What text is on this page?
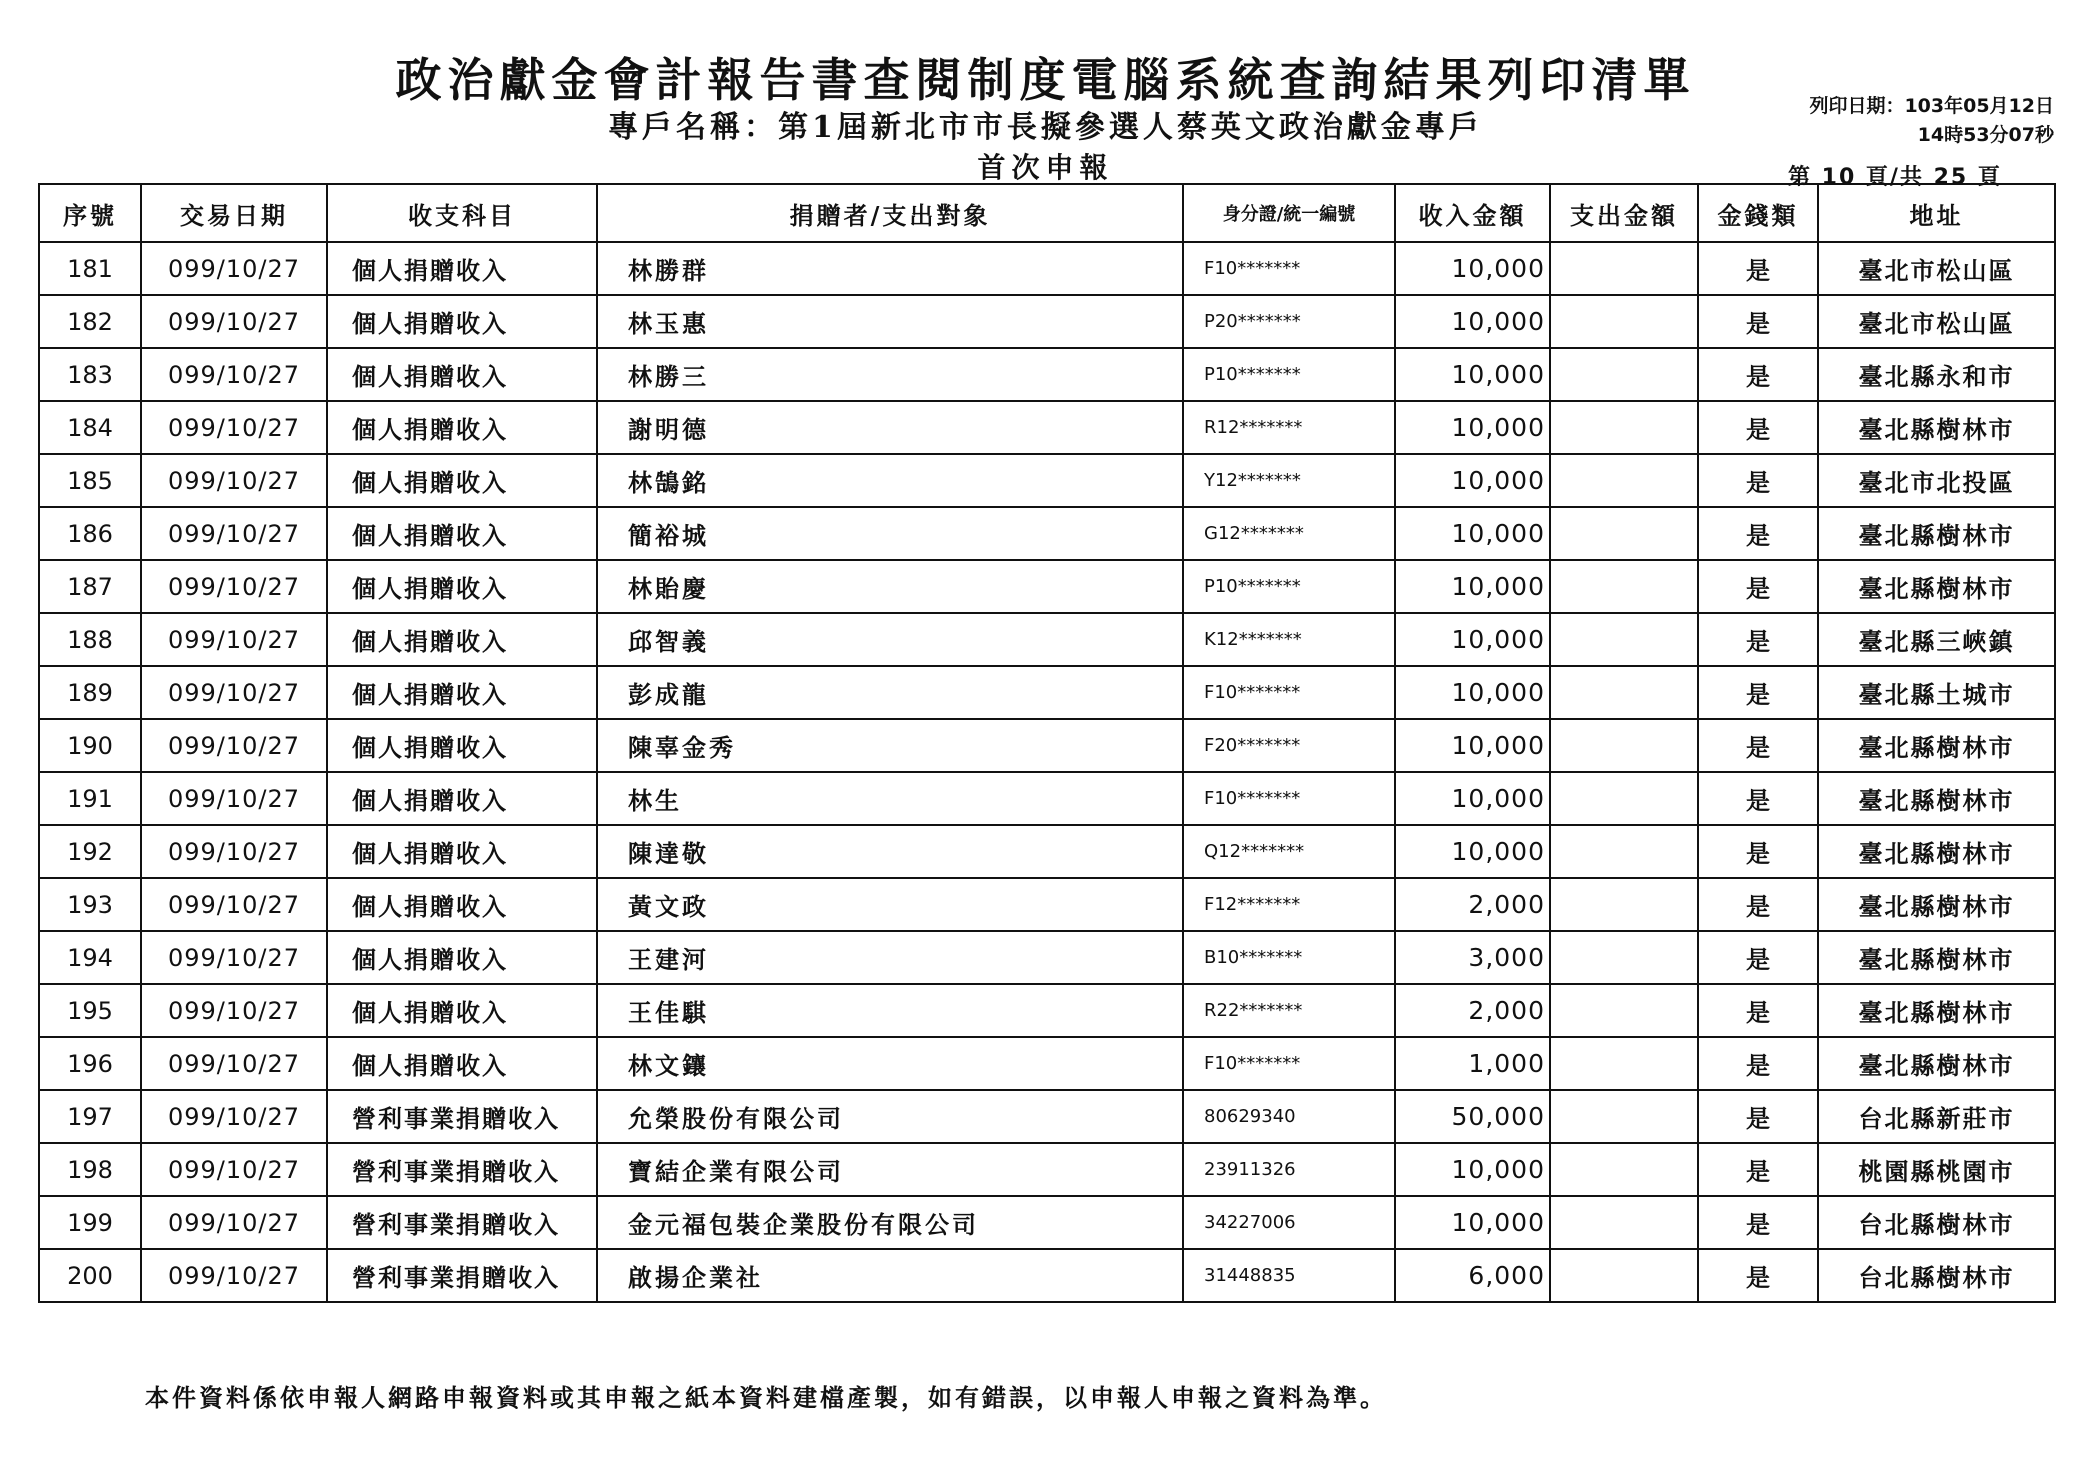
政治獻金會計報告書查閱制度電腦系統查詢結果列印清單
專戶名稱：第1屆新北市市長擬參選人蔡英文政治獻金專戶
首次申報
列印日期：103年05月12日
14時53分07秒
第 10 頁/共 25 頁
序號	交易日期	收支科目	捐贈者/支出對象	身分證/統一編號	收入金額	支出金額	金錢類	地址
181	099/10/27	個人捐贈收入	林勝群	F10*******	10,000		是	臺北市松山區
182	099/10/27	個人捐贈收入	林玉惠	P20*******	10,000		是	臺北市松山區
183	099/10/27	個人捐贈收入	林勝三	P10*******	10,000		是	臺北縣永和市
184	099/10/27	個人捐贈收入	謝明德	R12*******	10,000		是	臺北縣樹林市
185	099/10/27	個人捐贈收入	林鵠銘	Y12*******	10,000		是	臺北市北投區
186	099/10/27	個人捐贈收入	簡裕城	G12*******	10,000		是	臺北縣樹林市
187	099/10/27	個人捐贈收入	林貽慶	P10*******	10,000		是	臺北縣樹林市
188	099/10/27	個人捐贈收入	邱智義	K12*******	10,000		是	臺北縣三峽鎮
189	099/10/27	個人捐贈收入	彭成龍	F10*******	10,000		是	臺北縣土城市
190	099/10/27	個人捐贈收入	陳辜金秀	F20*******	10,000		是	臺北縣樹林市
191	099/10/27	個人捐贈收入	林生	F10*******	10,000		是	臺北縣樹林市
192	099/10/27	個人捐贈收入	陳達敬	Q12*******	10,000		是	臺北縣樹林市
193	099/10/27	個人捐贈收入	黃文政	F12*******	2,000		是	臺北縣樹林市
194	099/10/27	個人捐贈收入	王建河	B10*******	3,000		是	臺北縣樹林市
195	099/10/27	個人捐贈收入	王佳騏	R22*******	2,000		是	臺北縣樹林市
196	099/10/27	個人捐贈收入	林文鑲	F10*******	1,000		是	臺北縣樹林市
197	099/10/27	營利事業捐贈收入	允榮股份有限公司	80629340	50,000		是	台北縣新莊市
198	099/10/27	營利事業捐贈收入	寶結企業有限公司	23911326	10,000		是	桃園縣桃園市
199	099/10/27	營利事業捐贈收入	金元福包裝企業股份有限公司	34227006	10,000		是	台北縣樹林市
200	099/10/27	營利事業捐贈收入	啟揚企業社	31448835	6,000		是	台北縣樹林市
本件資料係依申報人網路申報資料或其申報之紙本資料建檔產製，如有錯誤，以申報人申報之資料為準。
